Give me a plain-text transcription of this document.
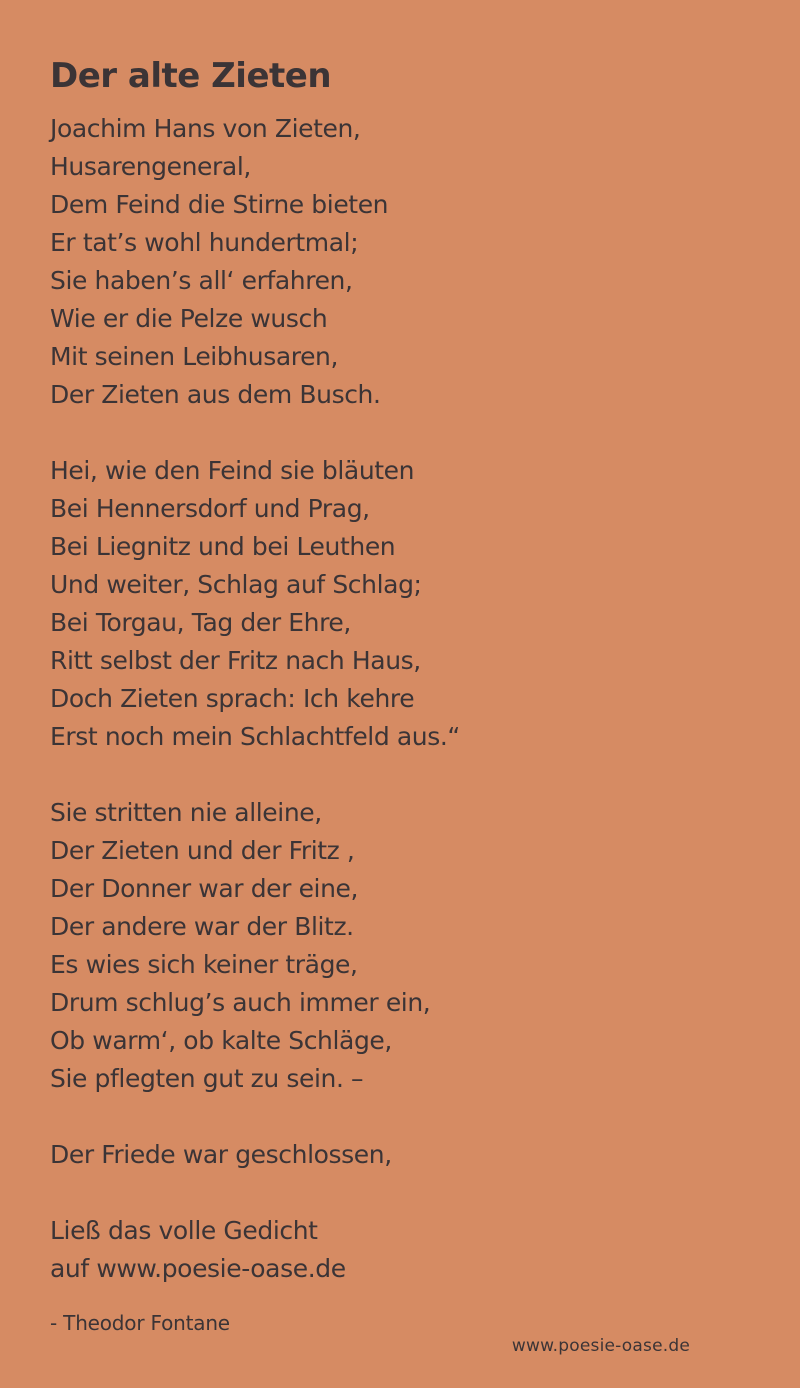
Der alte Zieten
Joachim Hans von Zieten,
Husarengeneral,
Dem Feind die Stirne bieten
Er tat’s wohl hundertmal;
Sie haben’s all‘ erfahren,
Wie er die Pelze wusch
Mit seinen Leibhusaren,
Der Zieten aus dem Busch.
Hei, wie den Feind sie bläuten
Bei Hennersdorf und Prag,
Bei Liegnitz und bei Leuthen
Und weiter, Schlag auf Schlag;
Bei Torgau, Tag der Ehre,
Ritt selbst der Fritz nach Haus,
Doch Zieten sprach: Ich kehre
Erst noch mein Schlachtfeld aus.“
Sie stritten nie alleine,
Der Zieten und der Fritz ,
Der Donner war der eine,
Der andere war der Blitz.
Es wies sich keiner träge,
Drum schlug’s auch immer ein,
Ob warm‘, ob kalte Schläge,
Sie pflegten gut zu sein. –
Der Friede war geschlossen,
Ließ das volle Gedicht
auf www.poesie-oase.de
- Theodor Fontane
www.poesie-oase.de
